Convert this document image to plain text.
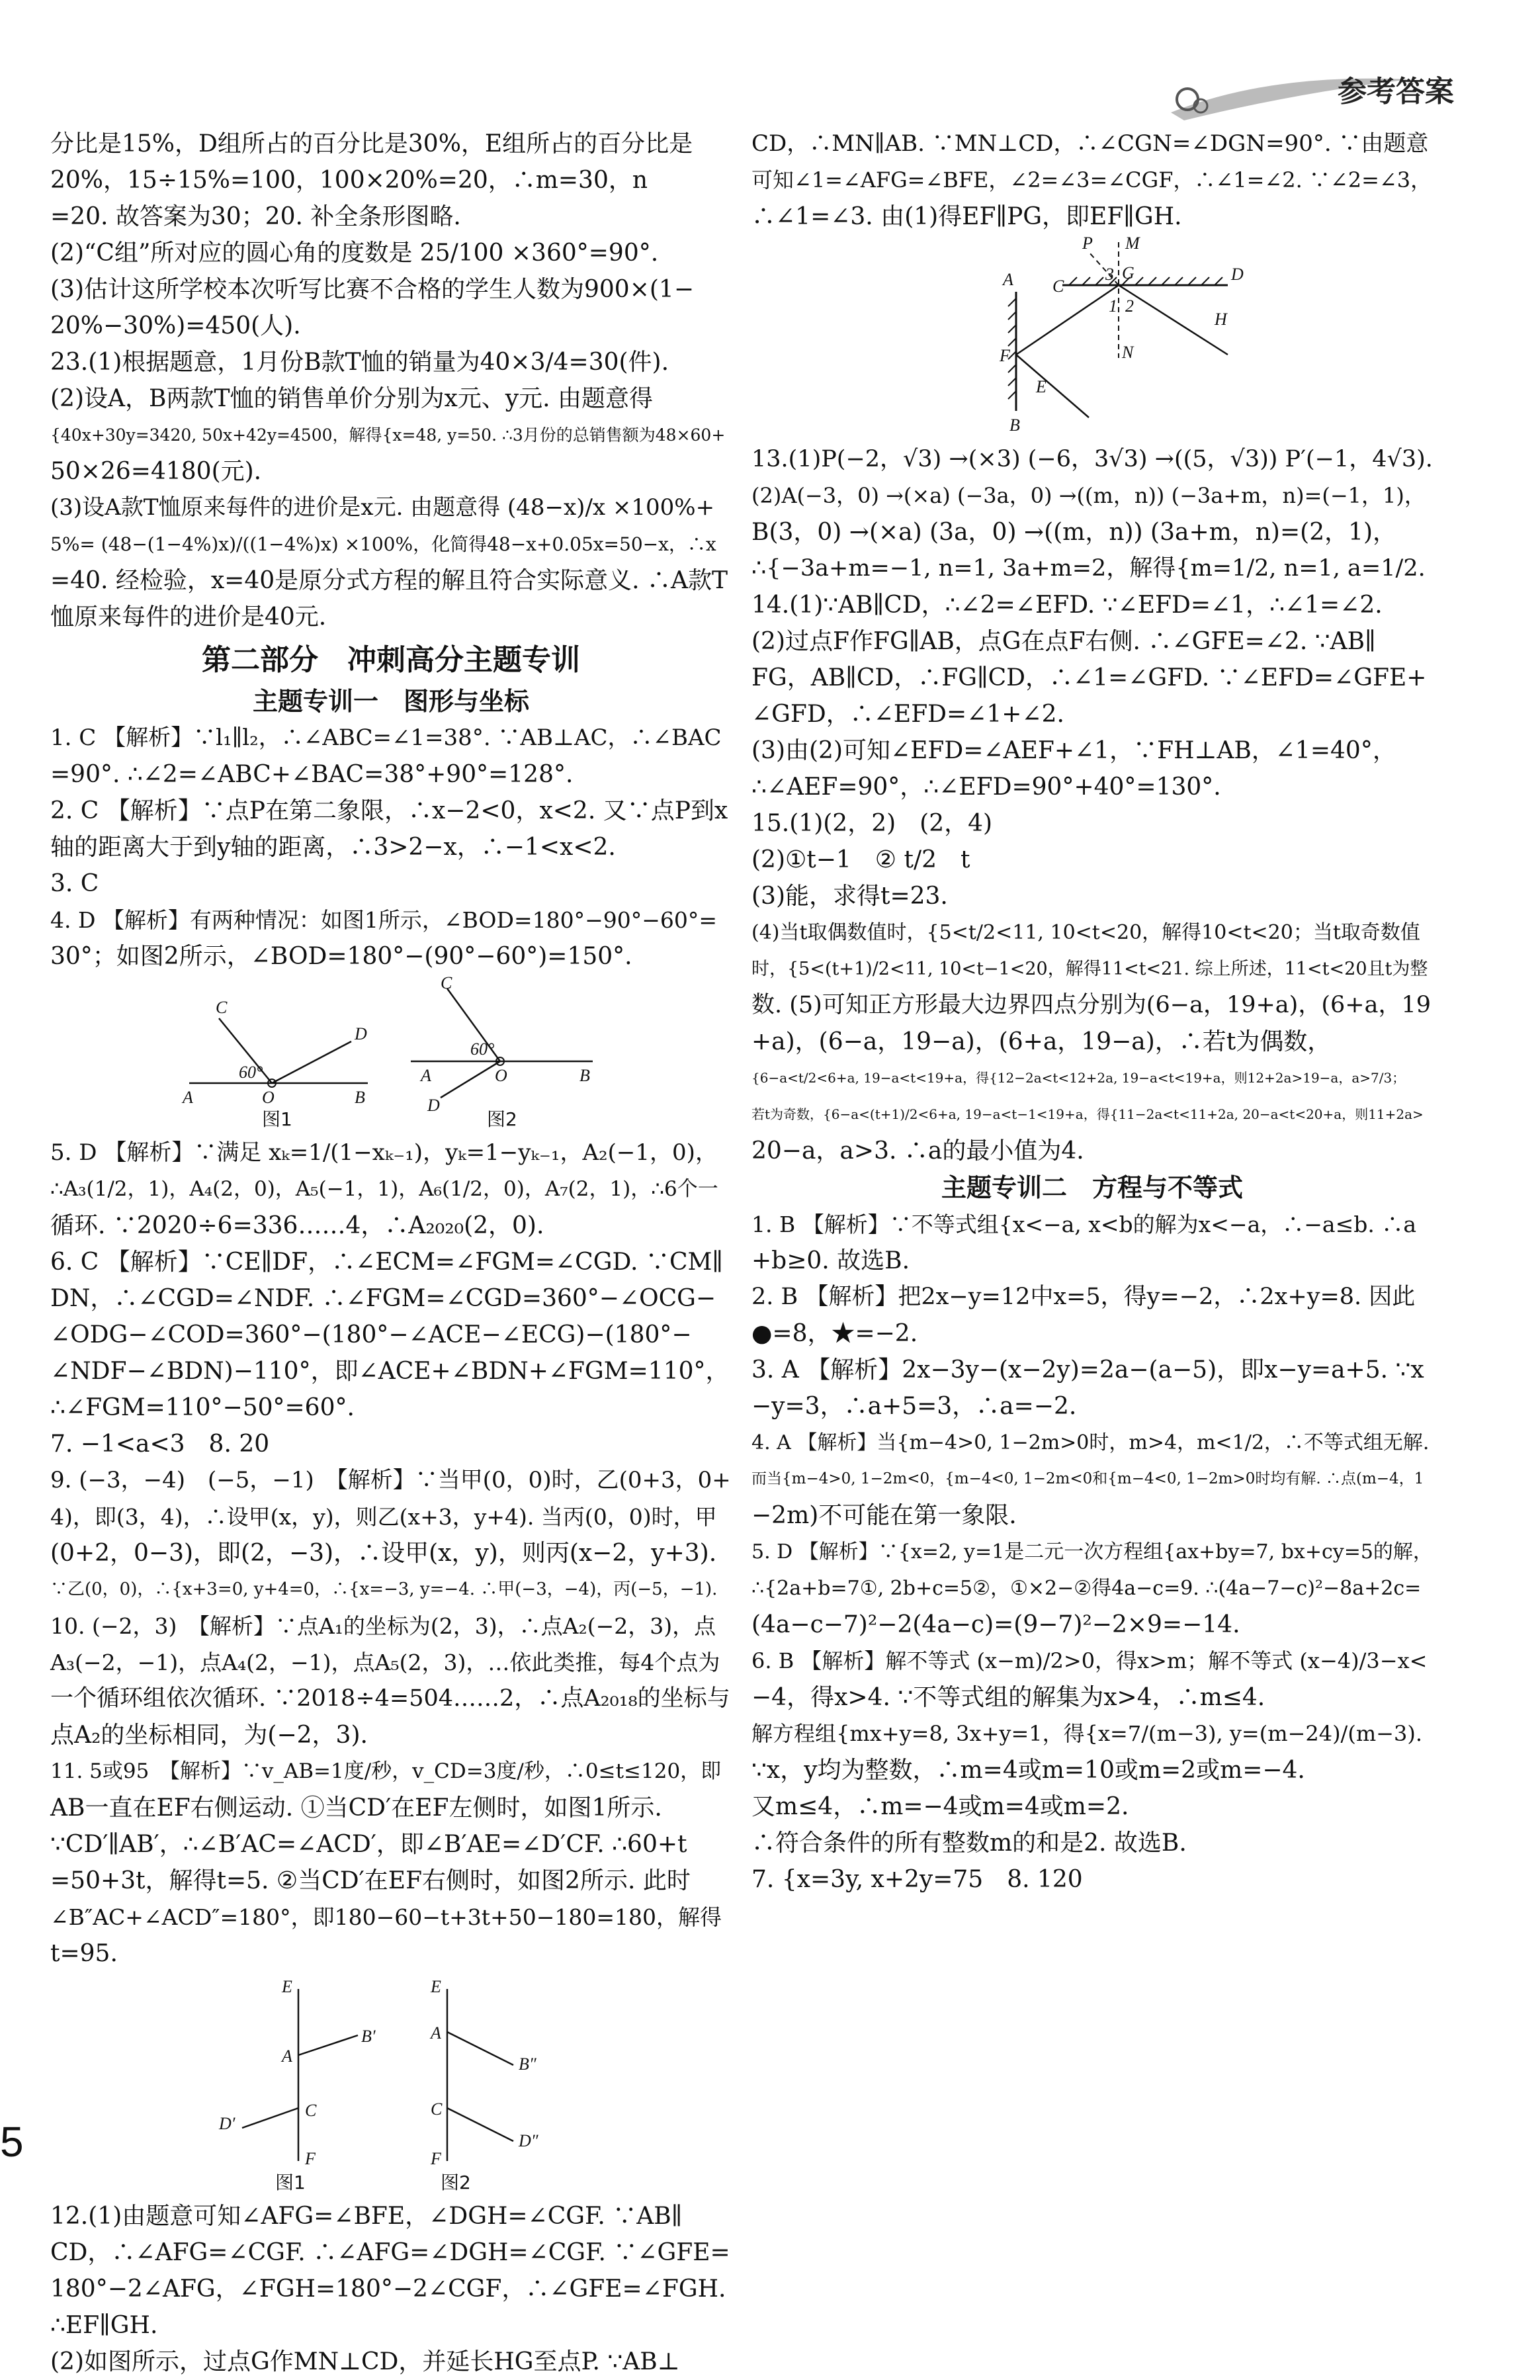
参考答案
分比是15%，D组所占的百分比是30%，E组所占的百分比是
20%，15÷15%=100，100×20%=20，∴m=30，n
=20. 故答案为30；20. 补全条形图略.
(2)“C组”所对应的圆心角的度数是 25/100 ×360°=90°.
(3)估计这所学校本次听写比赛不合格的学生人数为900×(1−
20%−30%)=450(人).
23.(1)根据题意，1月份B款T恤的销量为40×3/4=30(件).
(2)设A，B两款T恤的销售单价分别为x元、y元. 由题意得
{40x+30y=3420, 50x+42y=4500，解得{x=48, y=50. ∴3月份的总销售额为48×60+
50×26=4180(元).
(3)设A款T恤原来每件的进价是x元. 由题意得 (48−x)/x ×100%+
5%= (48−(1−4%)x)/((1−4%)x) ×100%，化简得48−x+0.05x=50−x，∴x
=40. 经检验，x=40是原分式方程的解且符合实际意义. ∴A款T
恤原来每件的进价是40元.
第二部分　冲刺高分主题专训
主题专训一　图形与坐标
1. C 【解析】∵l₁∥l₂，∴∠ABC=∠1=38°. ∵AB⊥AC，∴∠BAC
=90°. ∴∠2=∠ABC+∠BAC=38°+90°=128°.
2. C 【解析】∵点P在第二象限，∴x−2<0，x<2. 又∵点P到x
轴的距离大于到y轴的距离，∴3>2−x，∴−1<x<2.
3. C
4. D 【解析】有两种情况：如图1所示，∠BOD=180°−90°−60°=
30°；如图2所示，∠BOD=180°−(90°−60°)=150°.
A
C
D
O	B
60°
图1
A
C
D
O	B
60°
图2
5. D 【解析】∵满足 xₖ=1/(1−xₖ₋₁)，yₖ=1−yₖ₋₁，A₂(−1，0)，
∴A₃(1/2，1)，A₄(2，0)，A₅(−1，1)，A₆(1/2，0)，A₇(2，1)，∴6个一
循环. ∵2020÷6=336……4，∴A₂₀₂₀(2，0).
6. C 【解析】∵CE∥DF，∴∠ECM=∠FGM=∠CGD. ∵CM∥
DN，∴∠CGD=∠NDF. ∴∠FGM=∠CGD=360°−∠OCG−
∠ODG−∠COD=360°−(180°−∠ACE−∠ECG)−(180°−
∠NDF−∠BDN)−110°，即∠ACE+∠BDN+∠FGM=110°，
∴∠FGM=110°−50°=60°.
7. −1<a<3　8. 20
9. (−3，−4)　(−5，−1)　【解析】∵当甲(0，0)时，乙(0+3，0+
4)，即(3，4)，∴设甲(x，y)，则乙(x+3，y+4). 当丙(0，0)时，甲
(0+2，0−3)，即(2，−3)，∴设甲(x，y)，则丙(x−2，y+3).
∵乙(0，0)，∴{x+3=0, y+4=0，∴{x=−3, y=−4. ∴甲(−3，−4)，丙(−5，−1).
10. (−2，3)　【解析】∵点A₁的坐标为(2，3)，∴点A₂(−2，3)，点
A₃(−2，−1)，点A₄(2，−1)，点A₅(2，3)，…依此类推，每4个点为
一个循环组依次循环. ∵2018÷4=504……2，∴点A₂₀₁₈的坐标与
点A₂的坐标相同，为(−2，3).
11. 5或95　【解析】∵v_AB=1度/秒，v_CD=3度/秒，∴0≤t≤120，即
AB一直在EF右侧运动. ①当CD′在EF左侧时，如图1所示.
∵CD′∥AB′，∴∠B′AC=∠ACD′，即∠B′AE=∠D′CF. ∴60+t
=50+3t，解得t=5. ②当CD′在EF右侧时，如图2所示. 此时
∠B″AC+∠ACD″=180°，即180−60−t+3t+50−180=180，解得
t=95.
E
A
B′
C
D′
F
图1
E
A
B″
C
D″
F
图2
12.(1)由题意可知∠AFG=∠BFE，∠DGH=∠CGF. ∵AB∥
CD，∴∠AFG=∠CGF. ∴∠AFG=∠DGH=∠CGF. ∵∠GFE=
180°−2∠AFG，∠FGH=180°−2∠CGF，∴∠GFE=∠FGH.
∴EF∥GH.
(2)如图所示，过点G作MN⊥CD，并延长HG至点P. ∵AB⊥
CD，∴MN∥AB. ∵MN⊥CD，∴∠CGN=∠DGN=90°. ∵由题意
可知∠1=∠AFG=∠BFE，∠2=∠3=∠CGF，∴∠1=∠2. ∵∠2=∠3，
∴∠1=∠3. 由(1)得EF∥PG，即EF∥GH.
P M
A C
G	D
3
1 2
H
F
E
N
B
13.(1)P(−2，√3) →(×3) (−6，3√3) →((5，√3)) P′(−1，4√3).
(2)A(−3，0) →(×a) (−3a，0) →((m，n)) (−3a+m，n)=(−1，1)，
B(3，0) →(×a) (3a，0) →((m，n)) (3a+m，n)=(2，1)，
∴{−3a+m=−1, n=1, 3a+m=2，解得{m=1/2, n=1, a=1/2.
14.(1)∵AB∥CD，∴∠2=∠EFD. ∵∠EFD=∠1，∴∠1=∠2.
(2)过点F作FG∥AB，点G在点F右侧. ∴∠GFE=∠2. ∵AB∥
FG，AB∥CD，∴FG∥CD，∴∠1=∠GFD. ∵∠EFD=∠GFE+
∠GFD，∴∠EFD=∠1+∠2.
(3)由(2)可知∠EFD=∠AEF+∠1，∵FH⊥AB，∠1=40°，
∴∠AEF=90°，∴∠EFD=90°+40°=130°.
15.(1)(2，2)　(2，4)
(2)①t−1　② t/2　t
(3)能，求得t=23.
(4)当t取偶数值时，{5<t/2<11, 10<t<20，解得10<t<20；当t取奇数值
时，{5<(t+1)/2<11, 10<t−1<20，解得11<t<21. 综上所述，11<t<20且t为整
数. (5)可知正方形最大边界四点分别为(6−a，19+a)，(6+a，19
+a)，(6−a，19−a)，(6+a，19−a)，∴若t为偶数，
{6−a<t/2<6+a, 19−a<t<19+a，得{12−2a<t<12+2a, 19−a<t<19+a，则12+2a>19−a，a>7/3；
若t为奇数，{6−a<(t+1)/2<6+a, 19−a<t−1<19+a，得{11−2a<t<11+2a, 20−a<t<20+a，则11+2a>
20−a，a>3. ∴a的最小值为4.
主题专训二　方程与不等式
1. B 【解析】∵不等式组{x<−a, x<b的解为x<−a，∴−a≤b. ∴a
+b≥0. 故选B.
2. B 【解析】把2x−y=12中x=5，得y=−2，∴2x+y=8. 因此
●=8，★=−2.
3. A 【解析】2x−3y−(x−2y)=2a−(a−5)，即x−y=a+5. ∵x
−y=3，∴a+5=3，∴a=−2.
4. A 【解析】当{m−4>0, 1−2m>0时，m>4，m<1/2，∴不等式组无解.
而当{m−4>0, 1−2m<0，{m−4<0, 1−2m<0和{m−4<0, 1−2m>0时均有解. ∴点(m−4，1
−2m)不可能在第一象限.
5. D 【解析】∵{x=2, y=1是二元一次方程组{ax+by=7, bx+cy=5的解，
∴{2a+b=7①, 2b+c=5②，①×2−②得4a−c=9. ∴(4a−7−c)²−8a+2c=
(4a−c−7)²−2(4a−c)=(9−7)²−2×9=−14.
6. B 【解析】解不等式 (x−m)/2>0，得x>m；解不等式 (x−4)/3−x<
−4，得x>4. ∵不等式组的解集为x>4，∴m≤4.
解方程组{mx+y=8, 3x+y=1，得{x=7/(m−3), y=(m−24)/(m−3).
∵x，y均为整数，∴m=4或m=10或m=2或m=−4.
又m≤4，∴m=−4或m=4或m=2.
∴符合条件的所有整数m的和是2. 故选B.
7. {x=3y, x+2y=75　8. 120
5
